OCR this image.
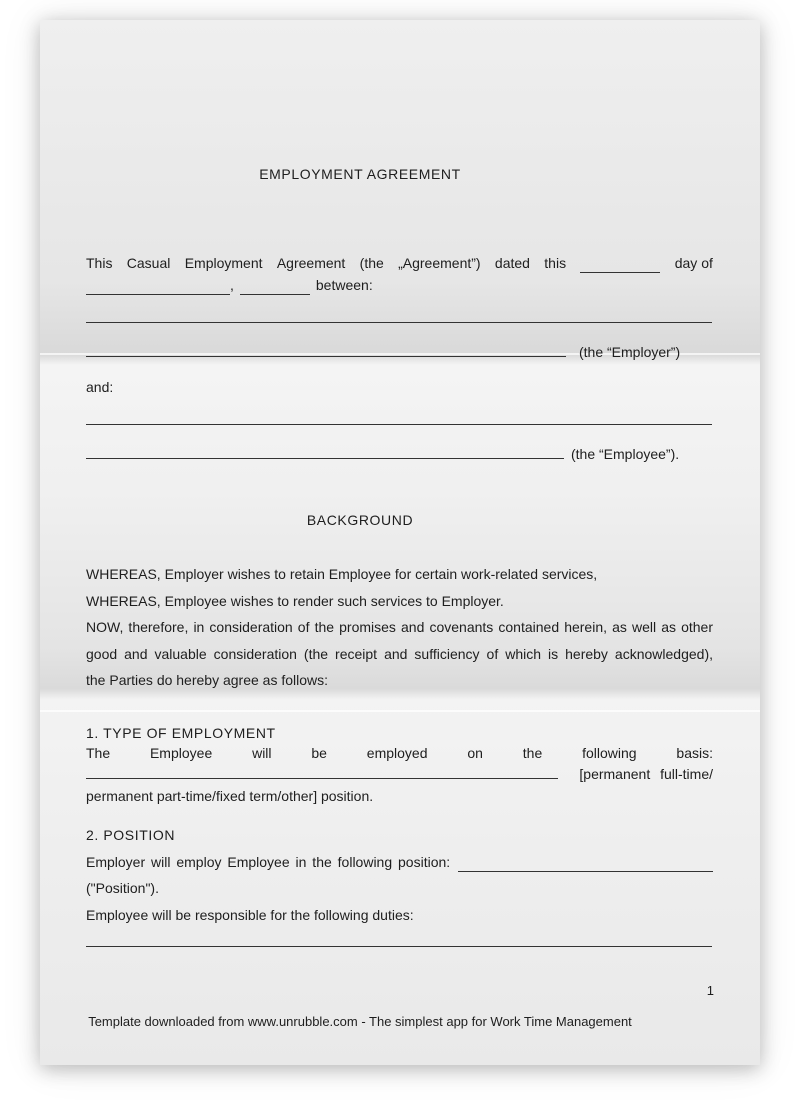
EMPLOYMENT AGREEMENT
This Casual Employment Agreement (the „Agreement”) dated this	day of
,	between:
(the “Employer”)
and:
(the “Employee”).
BACKGROUND
WHEREAS, Employer wishes to retain Employee for certain work-related services,
WHEREAS, Employee wishes to render such services to Employer.
NOW, therefore, in consideration of the promises and covenants contained herein, as well as other
good and valuable consideration (the receipt and sufficiency of which is hereby acknowledged),
the Parties do hereby agree as follows:
1. TYPE OF EMPLOYMENT
The	Employee	will	be	employed	on	the	following	basis:
[permanent full-time/
permanent part-time/fixed term/other] position.
2. POSITION
Employer will employ Employee in the following position:
("Position").
Employee will be responsible for the following duties:
1
Template downloaded from www.unrubble.com - The simplest app for Work Time Management
